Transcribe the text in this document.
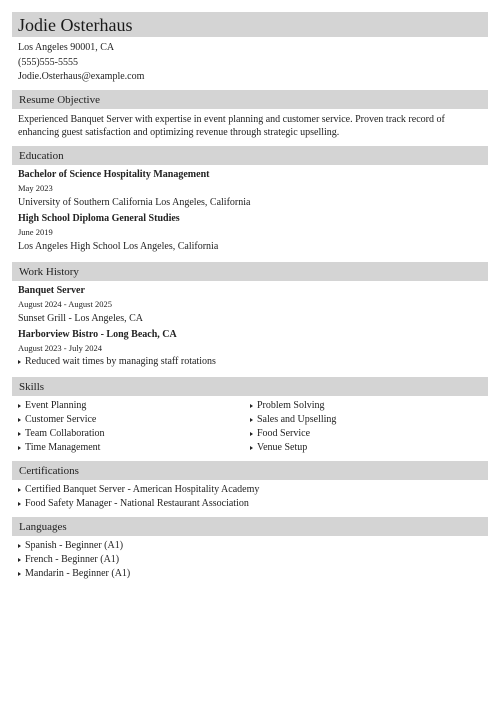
Jodie Osterhaus
Los Angeles 90001, CA
(555)555-5555
Jodie.Osterhaus@example.com
Resume Objective
Experienced Banquet Server with expertise in event planning and customer service. Proven track record of enhancing guest satisfaction and optimizing revenue through strategic upselling.
Education
Bachelor of Science Hospitality Management
May 2023
University of Southern California Los Angeles, California
High School Diploma General Studies
June 2019
Los Angeles High School Los Angeles, California
Work History
Banquet Server
August 2024 - August 2025
Sunset Grill - Los Angeles, CA
Harborview Bistro - Long Beach, CA
August 2023 - July 2024
Reduced wait times by managing staff rotations
Skills
Event Planning
Customer Service
Team Collaboration
Time Management
Problem Solving
Sales and Upselling
Food Service
Venue Setup
Certifications
Certified Banquet Server - American Hospitality Academy
Food Safety Manager - National Restaurant Association
Languages
Spanish - Beginner (A1)
French - Beginner (A1)
Mandarin - Beginner (A1)
